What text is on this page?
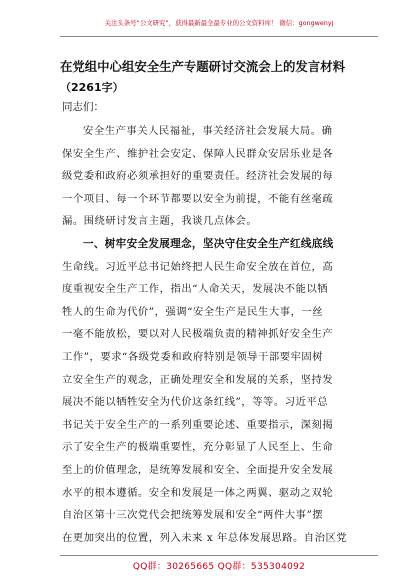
关注头条号“公文研究”，获得最新最全最专业的公文资料库！ 微信：gongwenyj
在党组中心组安全生产专题研讨交流会上的发言材料
（2261字）
同志们：
安全生产事关人民福祉，事关经济社会发展大局。确
保安全生产、维护社会安定、保障人民群众安居乐业是各
级党委和政府必须承担好的重要责任。经济社会发展的每
一个项目、每一个环节都要以安全为前提，不能有丝毫疏
漏。围绕研讨发言主题，我谈几点体会。
一、树牢安全发展理念，坚决守住安全生产红线底线
生命线。习近平总书记始终把人民生命安全放在首位，高
度重视安全生产工作，指出“人命关天，发展决不能以牺
牲人的生命为代价”，强调“安全生产是民生大事，一丝
一毫不能放松，要以对人民极端负责的精神抓好安全生产
工作”，要求“各级党委和政府特别是领导干部要牢固树
立安全生产的观念，正确处理安全和发展的关系，坚持发
展决不能以牺牲安全为代价这条红线”，等等。习近平总
书记关于安全生产的一系列重要论述、重要指示，深刻揭
示了安全生产的极端重要性，充分彰显了人民至上、生命
至上的价值理念，是统筹发展和安全、全面提升安全发展
水平的根本遵循。安全和发展是一体之两翼、驱动之双轮
自治区第十三次党代会把统筹发展和安全“两件大事”摆
在更加突出的位置，列入未来 x 年总体发展思路。自治区党
QQ群：30265665 QQ群：535304092
